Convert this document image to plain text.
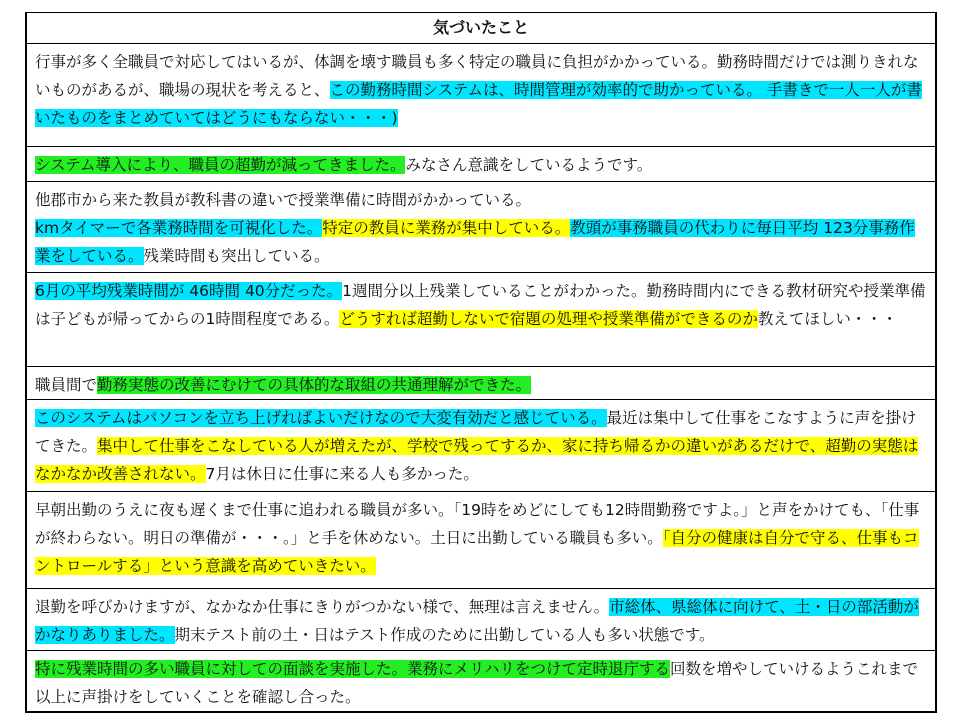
気づいたこと
行事が多く全職員で対応してはいるが、体調を壊す職員も多く特定の職員に負担がかかっている。勤務時間だけでは測りきれないものがあるが、職場の現状を考えると、この勤務時間システムは、時間管理が効率的で助かっている。 手書きで一人一人が書いたものをまとめていてはどうにもならない・・・)
システム導入により、職員の超勤が減ってきました。みなさん意識をしているようです。
他郡市から来た教員が教科書の違いで授業準備に時間がかかっている。
kmタイマーで各業務時間を可視化した。特定の教員に業務が集中している。教頭が事務職員の代わりに毎日平均 123分事務作業をしている。残業時間も突出している。
6月の平均残業時間が 46時間 40分だった。1週間分以上残業していることがわかった。勤務時間内にできる教材研究や授業準備は子どもが帰ってからの1時間程度である。どうすれば超勤しないで宿題の処理や授業準備ができるのか教えてほしい・・・
職員間で勤務実態の改善にむけての具体的な取組の共通理解ができた。
このシステムはパソコンを立ち上げればよいだけなので大変有効だと感じている。最近は集中して仕事をこなすように声を掛けてきた。集中して仕事をこなしている人が増えたが、学校で残ってするか、家に持ち帰るかの違いがあるだけで、超勤の実態はなかなか改善されない。7月は休日に仕事に来る人も多かった。
早朝出勤のうえに夜も遅くまで仕事に追われる職員が多い。「19時をめどにしても12時間勤務ですよ。」と声をかけても、「仕事が終わらない。明日の準備が・・・。」と手を休めない。土日に出勤している職員も多い。「自分の健康は自分で守る、仕事もコントロールする」という意識を高めていきたい。
退勤を呼びかけますが、なかなか仕事にきりがつかない様で、無理は言えません。市総体、県総体に向けて、土・日の部活動がかなりありました。期末テスト前の土・日はテスト作成のために出勤している人も多い状態です。
特に残業時間の多い職員に対しての面談を実施した。業務にメリハリをつけて定時退庁する回数を増やしていけるようこれまで以上に声掛けをしていくことを確認し合った。
